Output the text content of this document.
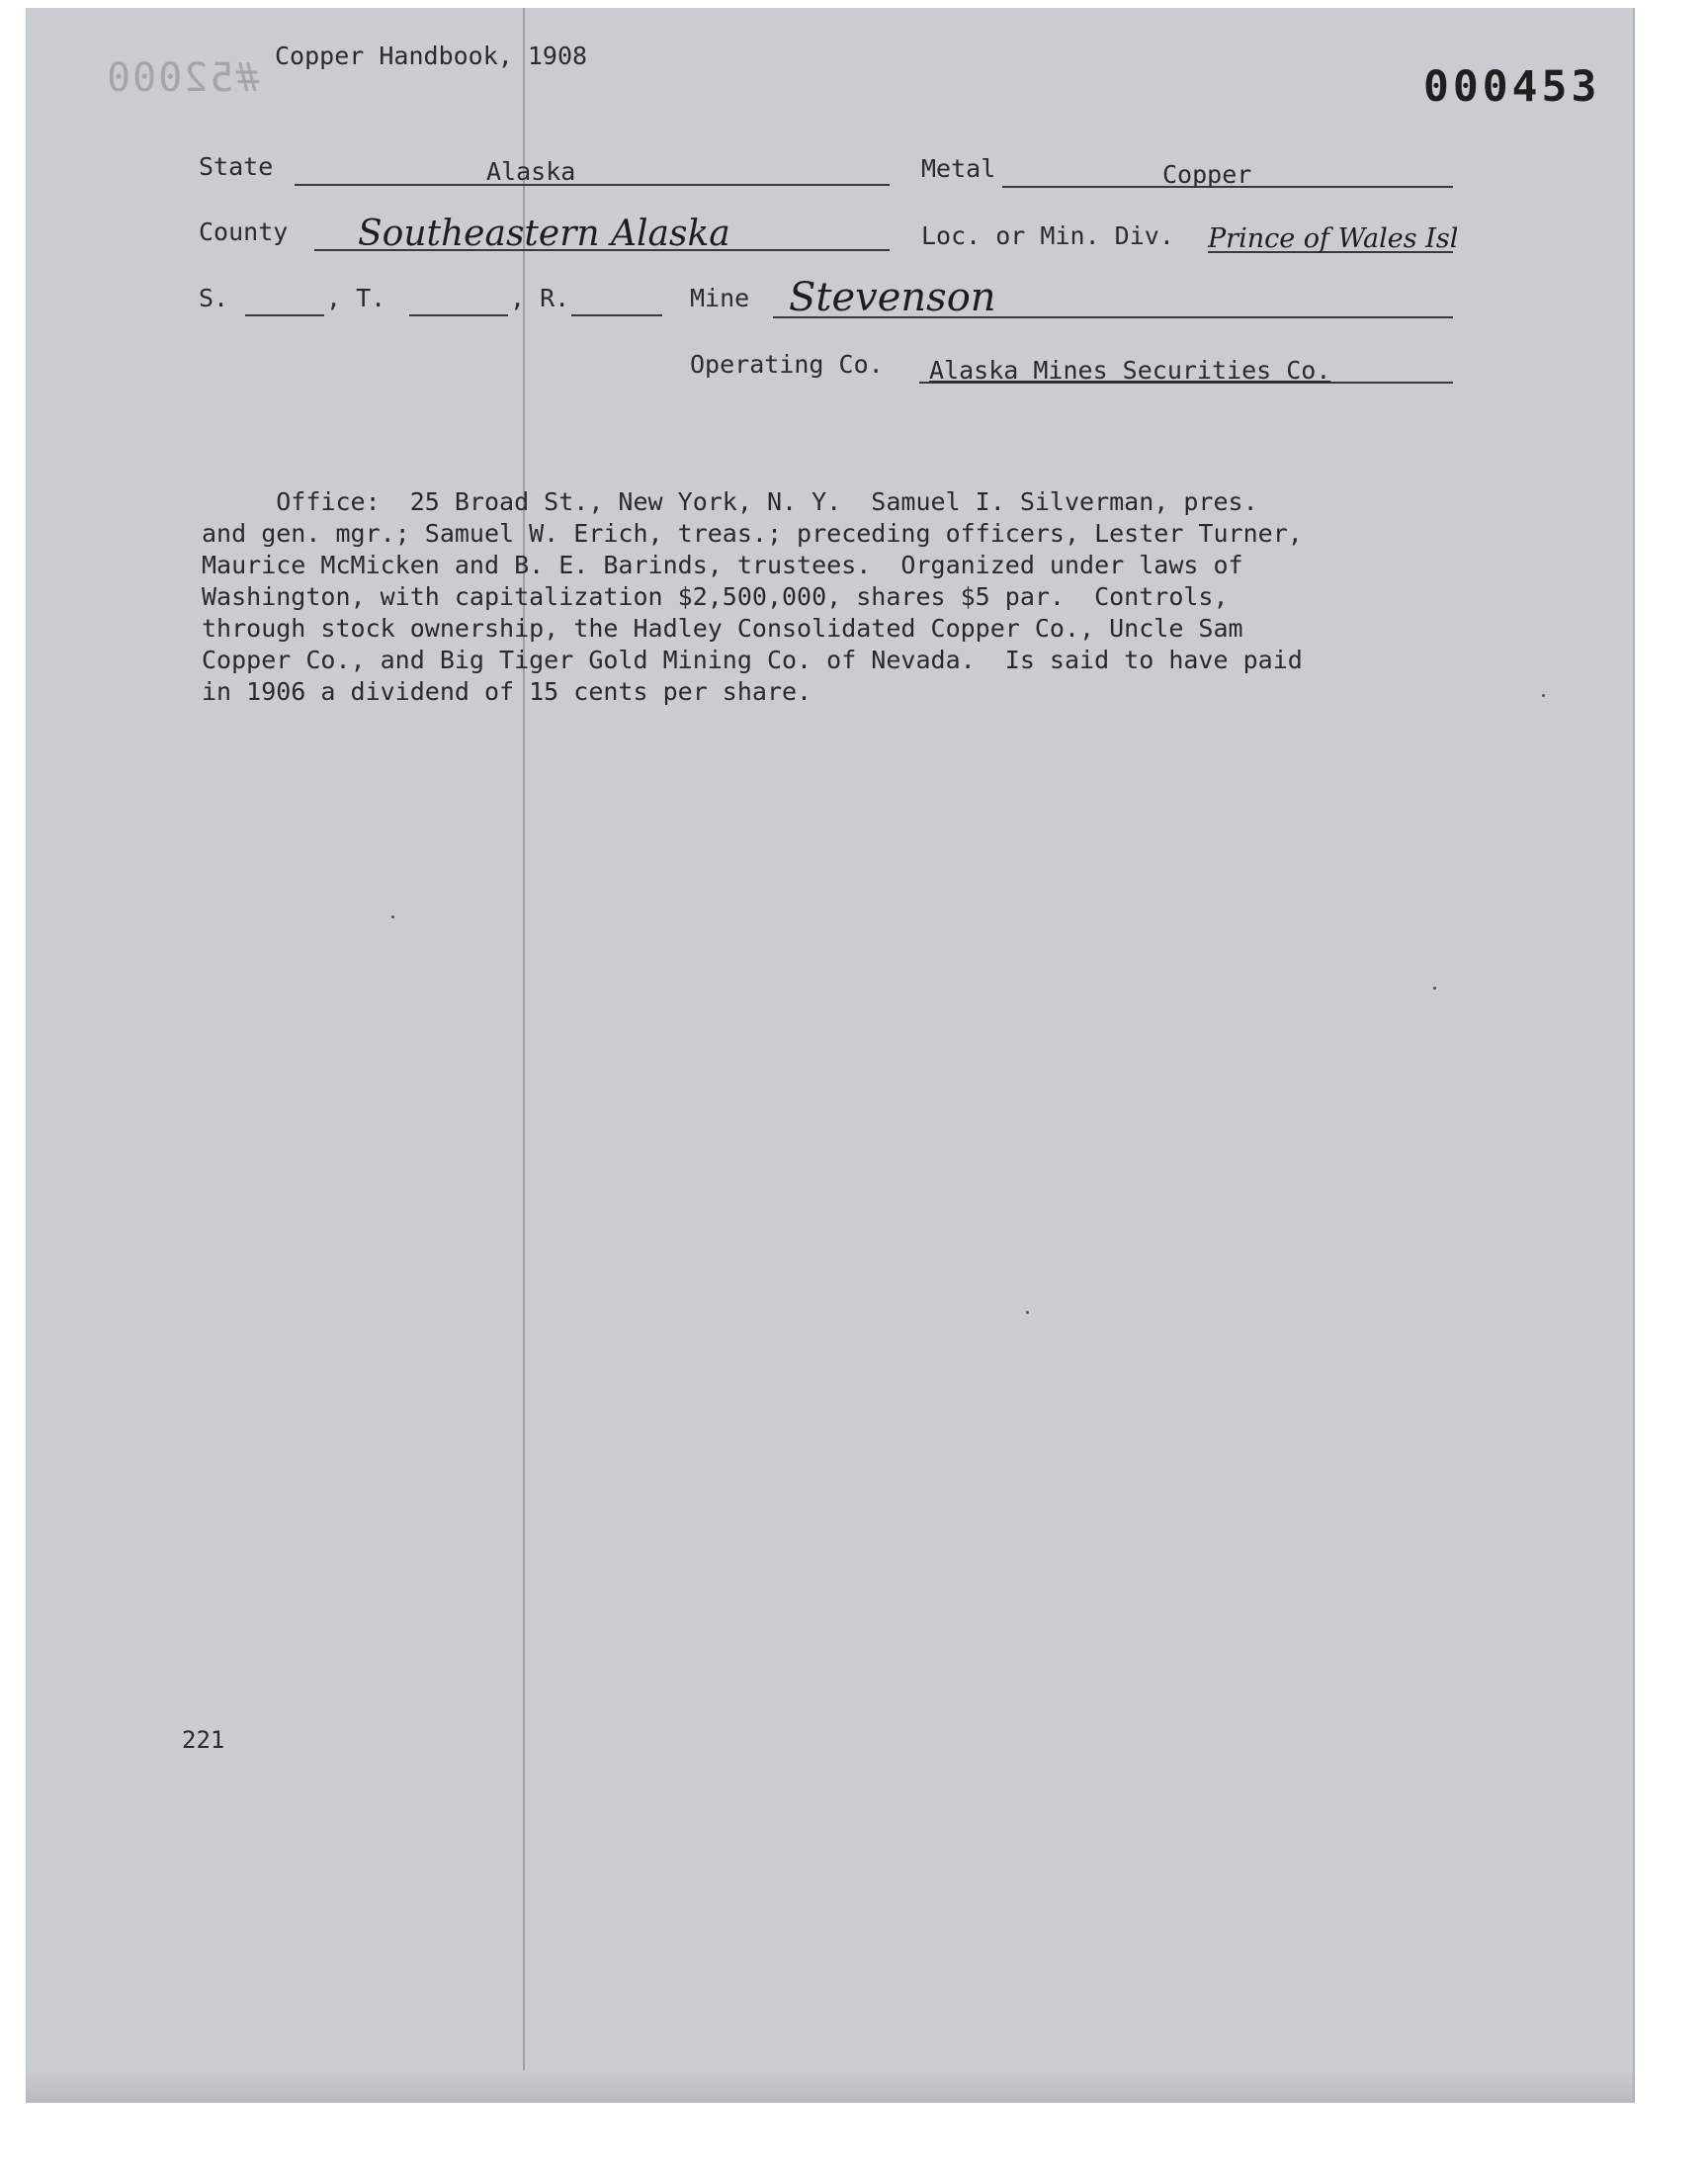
#52000 Copper Handbook, 1908
000453
State	Alaska	Metal	Copper
County Southeastern Alaska	Loc. or Min. Div. Prince of Wales Isl
S.	, T.	, R.	Mine Stevenson
Operating Co. Alaska Mines Securities Co.
Office:  25 Broad St., New York, N. Y.  Samuel I. Silverman, pres.
and gen. mgr.; Samuel W. Erich, treas.; preceding officers, Lester Turner,
Maurice McMicken and B. E. Barinds, trustees.  Organized under laws of
Washington, with capitalization $2,500,000, shares $5 par.  Controls,
through stock ownership, the Hadley Consolidated Copper Co., Uncle Sam
Copper Co., and Big Tiger Gold Mining Co. of Nevada.  Is said to have paid
in 1906 a dividend of 15 cents per share.
221
